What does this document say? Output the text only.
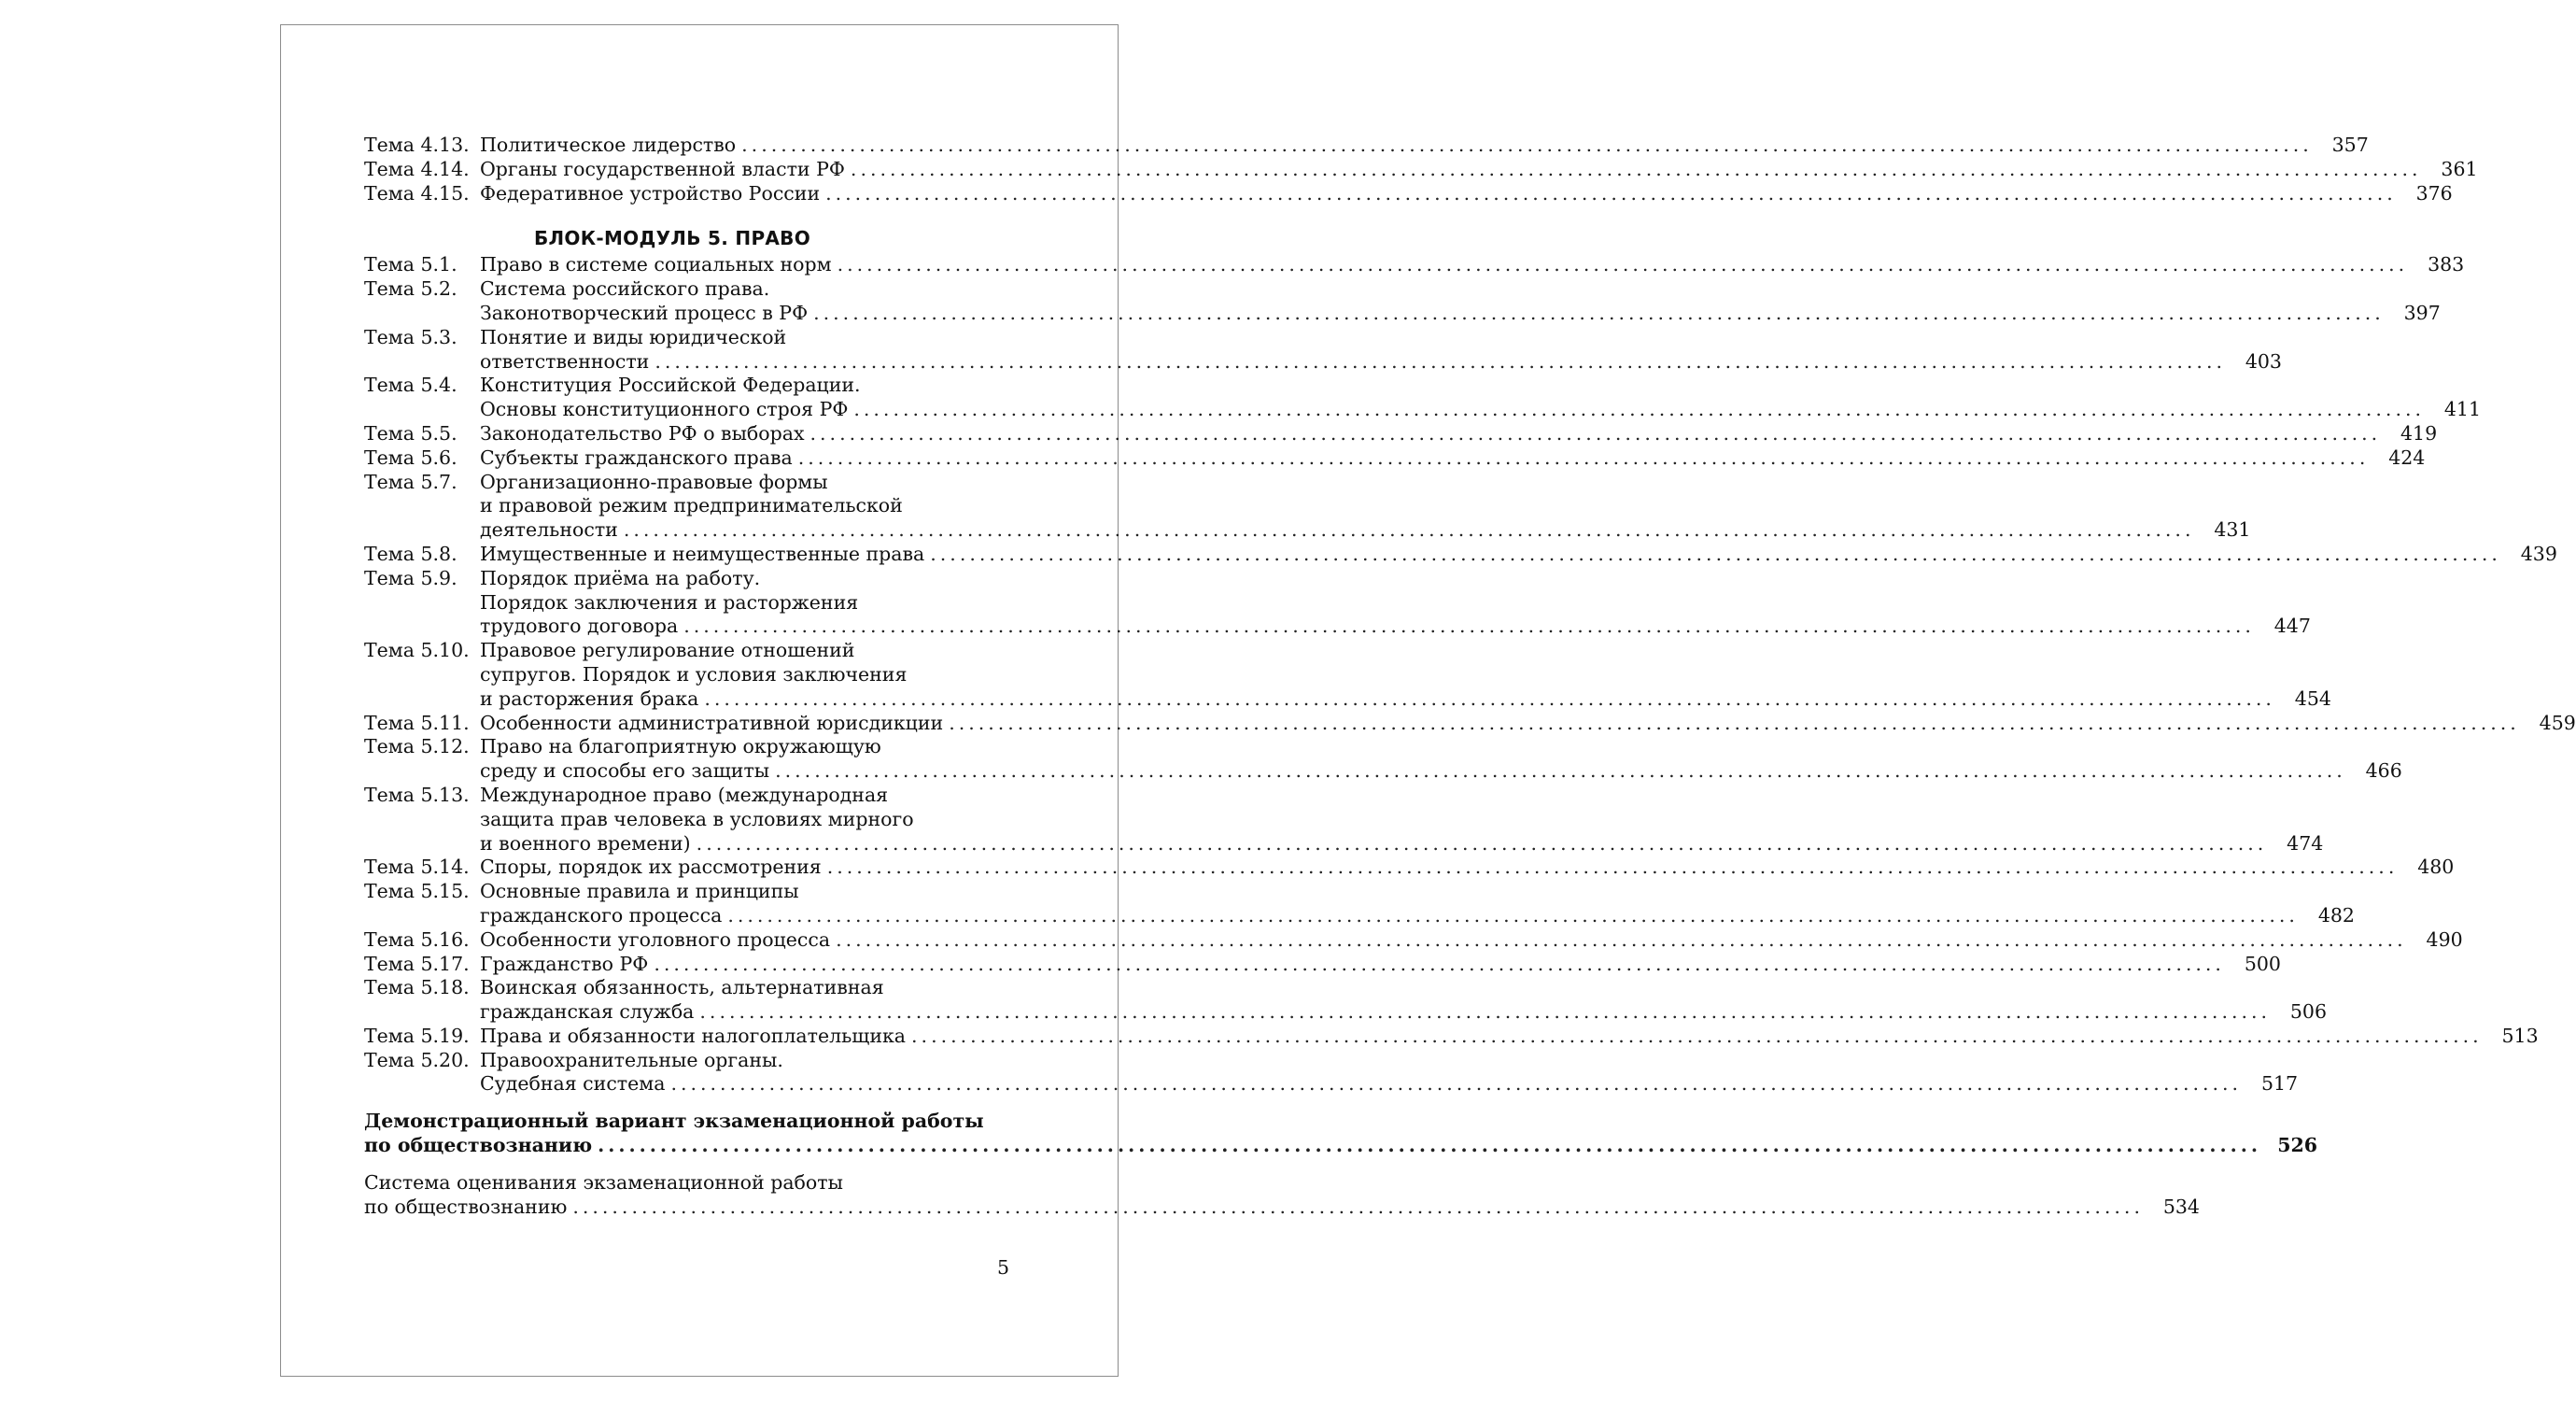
Тема 4.13. Политическое лидерство ................................................................................................................................................................	357
Тема 4.14. Органы государственной власти РФ ................................................................................................................................................................	361
Тема 4.15. Федеративное устройство России ................................................................................................................................................................	376
БЛОК-МОДУЛЬ 5. ПРАВО
Тема 5.1.	Право в системе социальных норм ................................................................................................................................................................	383
Тема 5.2.	Система российского права.
Законотворческий процесс в РФ ................................................................................................................................................................	397
Тема 5.3.	Понятие и виды юридической
ответственности ................................................................................................................................................................	403
Тема 5.4.	Конституция Российской Федерации.
Основы конституционного строя РФ ................................................................................................................................................................	411
Тема 5.5.	Законодательство РФ о выборах ................................................................................................................................................................	419
Тема 5.6.	Субъекты гражданского права ................................................................................................................................................................	424
Тема 5.7.	Организационно-правовые формы
и правовой режим предпринимательской
деятельности ................................................................................................................................................................	431
Тема 5.8.	Имущественные и неимущественные права ................................................................................................................................................................	439
Тема 5.9.	Порядок приёма на работу.
Порядок заключения и расторжения
трудового договора ................................................................................................................................................................	447
Тема 5.10. Правовое регулирование отношений
супругов. Порядок и условия заключения
и расторжения брака ................................................................................................................................................................	454
Тема 5.11. Особенности административной юрисдикции ................................................................................................................................................................	459
Тема 5.12. Право на благоприятную окружающую
среду и способы его защиты ................................................................................................................................................................	466
Тема 5.13. Международное право (международная
защита прав человека в условиях мирного
и военного времени) ................................................................................................................................................................	474
Тема 5.14. Споры, порядок их рассмотрения ................................................................................................................................................................	480
Тема 5.15. Основные правила и принципы
гражданского процесса ................................................................................................................................................................	482
Тема 5.16. Особенности уголовного процесса ................................................................................................................................................................	490
Тема 5.17. Гражданство РФ ................................................................................................................................................................	500
Тема 5.18. Воинская обязанность, альтернативная
гражданская служба ................................................................................................................................................................	506
Тема 5.19. Права и обязанности налогоплательщика ................................................................................................................................................................	513
Тема 5.20. Правоохранительные органы.
Судебная система ................................................................................................................................................................	517
Демонстрационный вариант экзаменационной работы
по обществознанию ................................................................................................................................................................ 526
Система оценивания экзаменационной работы
по обществознанию ................................................................................................................................................................	534
5
